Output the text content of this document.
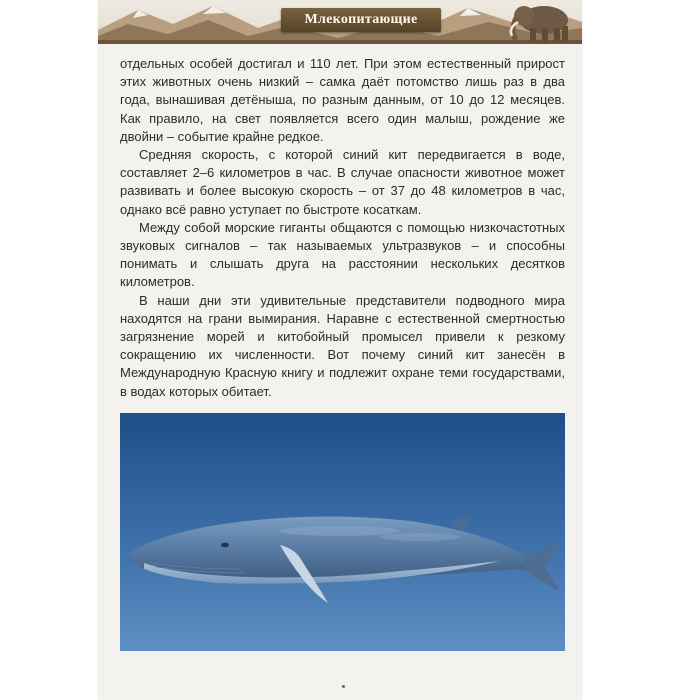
Млекопитающие

отдельных особей достигал и 110 лет. При этом естественный прирост этих животных очень низкий – самка даёт потомство лишь раз в два года, вынашивая детёныша, по разным данным, от 10 до 12 месяцев. Как правило, на свет появляется всего один малыш, рождение же двойни – событие крайне редкое.

Средняя скорость, с которой синий кит передвигается в воде, составляет 2–6 километров в час. В случае опасности животное может развивать и более высокую скорость – от 37 до 48 километров в час, однако всё равно уступает по быстроте косаткам.

Между собой морские гиганты общаются с помощью низкочастотных звуковых сигналов – так называемых ультразвуков – и способны понимать и слышать друга на расстоянии нескольких десятков километров.

В наши дни эти удивительные представители подводного мира находятся на грани вымирания. Наравне с естественной смертностью загрязнение морей и китобойный промысел привели к резкому сокращению их численности. Вот почему синий кит занесён в Международную Красную книгу и подлежит охране теми государствами, в водах которых обитает.
